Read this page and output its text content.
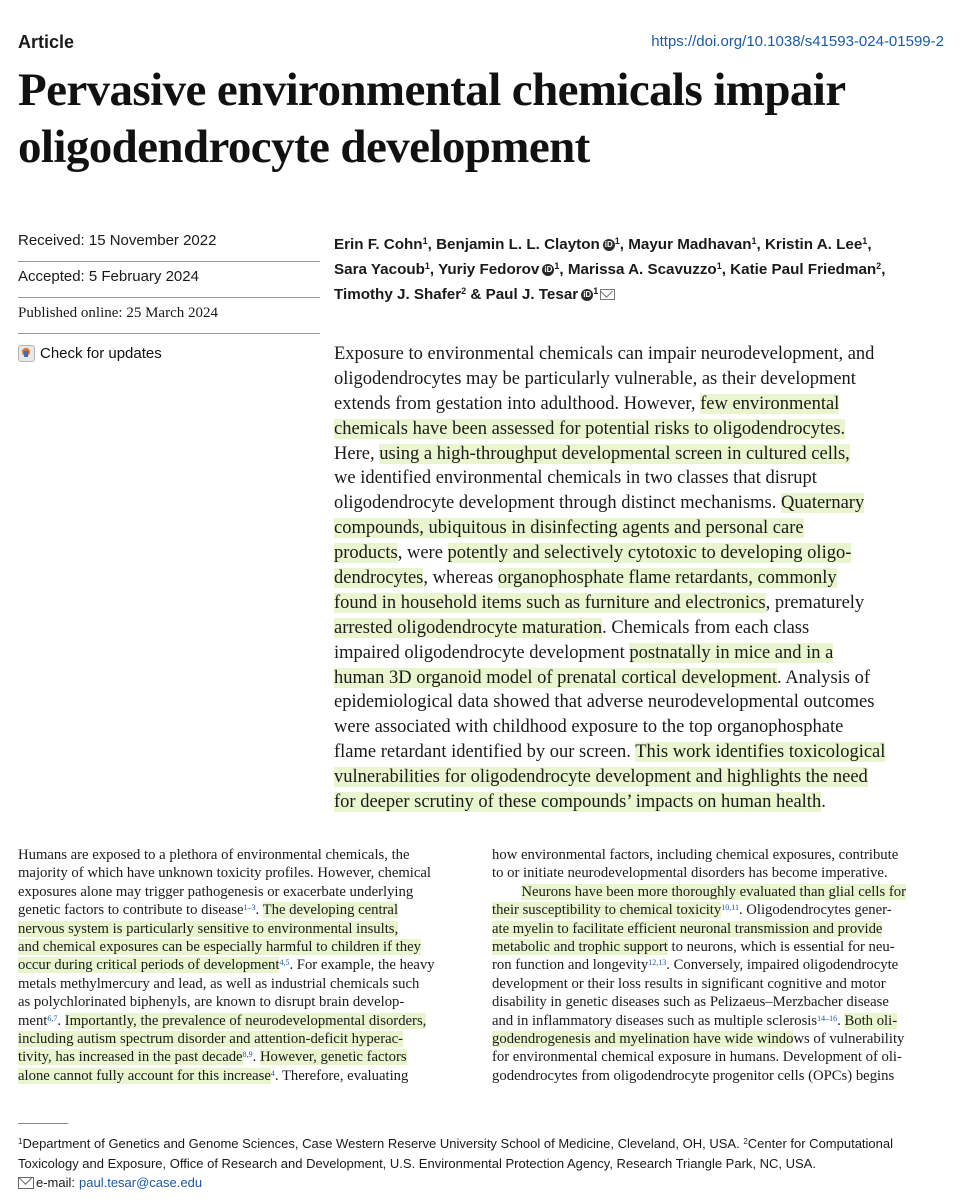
Article	https://doi.org/10.1038/s41593-024-01599-2
Pervasive environmental chemicals impair
oligodendrocyte development
Received: 15 November 2022
Accepted: 5 February 2024
Published online: 25 March 2024
Check for updates
Erin F. Cohn$^1$, Benjamin L. L. Clayton iD $^1$, Mayur Madhavan$^1$, Kristin A. Lee$^1$,
Sara Yacoub$^1$, Yuriy Fedorov iD $^1$, Marissa A. Scavuzzo$^1$, Katie Paul Friedman$^2$,
Timothy J. Shafer$^2$ & Paul J. Tesar iD $^1$
Exposure to environmental chemicals can impair neurodevelopment, and
oligodendrocytes may be particularly vulnerable, as their development
extends from gestation into adulthood. However, few environmental
chemicals have been assessed for potential risks to oligodendrocytes.
Here, using a high-throughput developmental screen in cultured cells,
we identified environmental chemicals in two classes that disrupt
oligodendrocyte development through distinct mechanisms. Quaternary
compounds, ubiquitous in disinfecting agents and personal care
products, were potently and selectively cytotoxic to developing oligo-
dendrocytes, whereas organophosphate flame retardants, commonly
found in household items such as furniture and electronics, prematurely
arrested oligodendrocyte maturation. Chemicals from each class
impaired oligodendrocyte development postnatally in mice and in a
human 3D organoid model of prenatal cortical development. Analysis of
epidemiological data showed that adverse neurodevelopmental outcomes
were associated with childhood exposure to the top organophosphate
flame retardant identified by our screen. This work identifies toxicological
vulnerabilities for oligodendrocyte development and highlights the need
for deeper scrutiny of these compounds’ impacts on human health.
Humans are exposed to a plethora of environmental chemicals, the
majority of which have unknown toxicity profiles. However, chemical
exposures alone may trigger pathogenesis or exacerbate underlying
genetic factors to contribute to disease$^{1-3}$. The developing central
nervous system is particularly sensitive to environmental insults,
and chemical exposures can be especially harmful to children if they
occur during critical periods of development$^{4,5}$. For example, the heavy
metals methylmercury and lead, as well as industrial chemicals such
as polychlorinated biphenyls, are known to disrupt brain develop-
ment$^{6,7}$. Importantly, the prevalence of neurodevelopmental disorders,
including autism spectrum disorder and attention-deficit hyperac-
tivity, has increased in the past decade$^{8,9}$. However, genetic factors
alone cannot fully account for this increase$^4$. Therefore, evaluating
how environmental factors, including chemical exposures, contribute
to or initiate neurodevelopmental disorders has become imperative.
Neurons have been more thoroughly evaluated than glial cells for
their susceptibility to chemical toxicity$^{10,11}$. Oligodendrocytes gener-
ate myelin to facilitate efficient neuronal transmission and provide
metabolic and trophic support to neurons, which is essential for neu-
ron function and longevity$^{12,13}$. Conversely, impaired oligodendrocyte
development or their loss results in significant cognitive and motor
disability in genetic diseases such as Pelizaeus–Merzbacher disease
and in inflammatory diseases such as multiple sclerosis$^{14-16}$. Both oli-
godendrogenesis and myelination have wide windows of vulnerability
for environmental chemical exposure in humans. Development of oli-
godendrocytes from oligodendrocyte progenitor cells (OPCs) begins
$^1$Department of Genetics and Genome Sciences, Case Western Reserve University School of Medicine, Cleveland, OH, USA. $^2$Center for Computational
Toxicology and Exposure, Office of Research and Development, U.S. Environmental Protection Agency, Research Triangle Park, NC, USA.
e-mail: paul.tesar@case.edu
